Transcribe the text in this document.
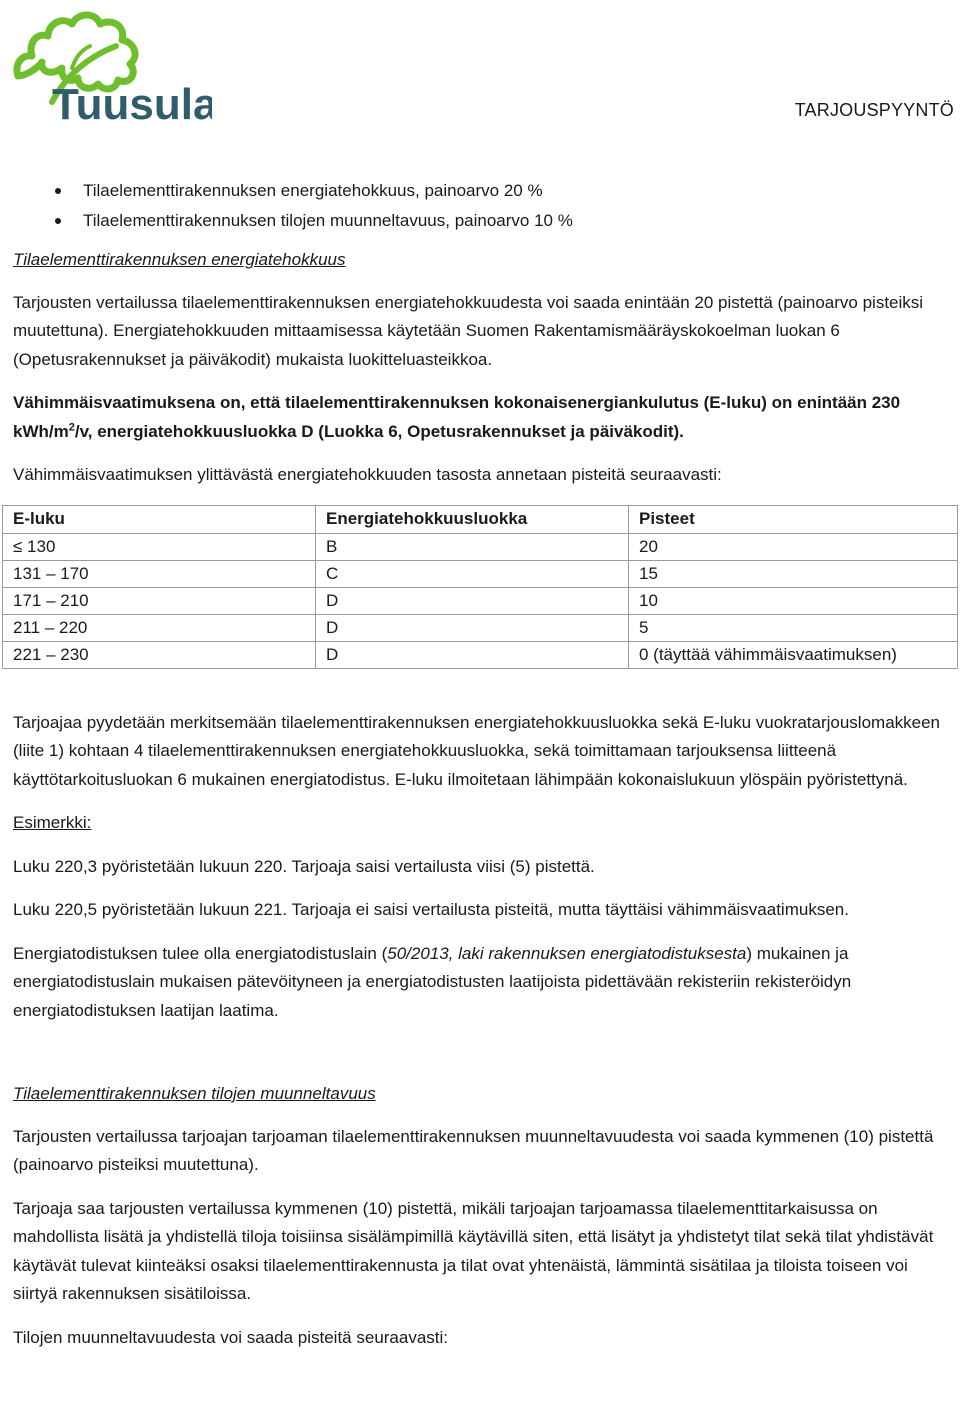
Tuusula	TARJOUSPYYNTÖ
Tilaelementtirakennuksen energiatehokkuus, painoarvo 20 %
Tilaelementtirakennuksen tilojen muunneltavuus, painoarvo 10 %

Tilaelementtirakennuksen energiatehokkuus

Tarjousten vertailussa tilaelementtirakennuksen energiatehokkuudesta voi saada enintään 20 pistettä (painoarvo pisteiksi muutettuna). Energiatehokkuuden mittaamisessa käytetään Suomen Rakentamismääräyskokoelman luokan 6 (Opetusrakennukset ja päiväkodit) mukaista luokitteluasteikkoa.

Vähimmäisvaatimuksena on, että tilaelementtirakennuksen kokonaisenergiankulutus (E-luku) on enintään 230 kWh/$m^2/v$, energiatehokkuusluokka D (Luokka 6, Opetusrakennukset ja päiväkodit).

Vähimmäisvaatimuksen ylittävästä energiatehokkuuden tasosta annetaan pisteitä seuraavasti:

E-luku	Energiatehokkuusluokka	Pisteet
≤ 130	B	20
131 – 170	C	15
171 – 210	D	10
211 – 220	D	5
221 – 230	D	0 (täyttää vähimmäisvaatimuksen)

Tarjoajaa pyydetään merkitsemään tilaelementtirakennuksen energiatehokkuusluokka sekä E-luku vuokratarjouslomakkeen (liite 1) kohtaan 4 tilaelementtirakennuksen energiatehokkuusluokka, sekä toimittamaan tarjouksensa liitteenä käyttötarkoitusluokan 6 mukainen energiatodistus. E-luku ilmoitetaan lähimpään kokonaislukuun ylöspäin pyöristettynä.

Esimerkki:

Luku 220,3 pyöristetään lukuun 220. Tarjoaja saisi vertailusta viisi (5) pistettä.

Luku 220,5 pyöristetään lukuun 221. Tarjoaja ei saisi vertailusta pisteitä, mutta täyttäisi vähimmäisvaatimuksen.

Energiatodistuksen tulee olla energiatodistuslain (50/2013, laki rakennuksen energiatodistuksesta) mukainen ja energiatodistuslain mukaisen pätevöityneen ja energiatodistusten laatijoista pidettävään rekisteriin rekisteröidyn energiatodistuksen laatijan laatima.

Tilaelementtirakennuksen tilojen muunneltavuus

Tarjousten vertailussa tarjoajan tarjoaman tilaelementtirakennuksen muunneltavuudesta voi saada kymmenen (10) pistettä (painoarvo pisteiksi muutettuna).

Tarjoaja saa tarjousten vertailussa kymmenen (10) pistettä, mikäli tarjoajan tarjoamassa tilaelementtitarkaisussa on mahdollista lisätä ja yhdistellä tiloja toisiinsa sisälämpimillä käytävillä siten, että lisätyt ja yhdistetyt tilat sekä tilat yhdistävät käytävät tulevat kiinteäksi osaksi tilaelementtirakennusta ja tilat ovat yhtenäistä, lämmintä sisätilaa ja tiloista toiseen voi siirtyä rakennuksen sisätiloissa.

Tilojen muunneltavuudesta voi saada pisteitä seuraavasti:
